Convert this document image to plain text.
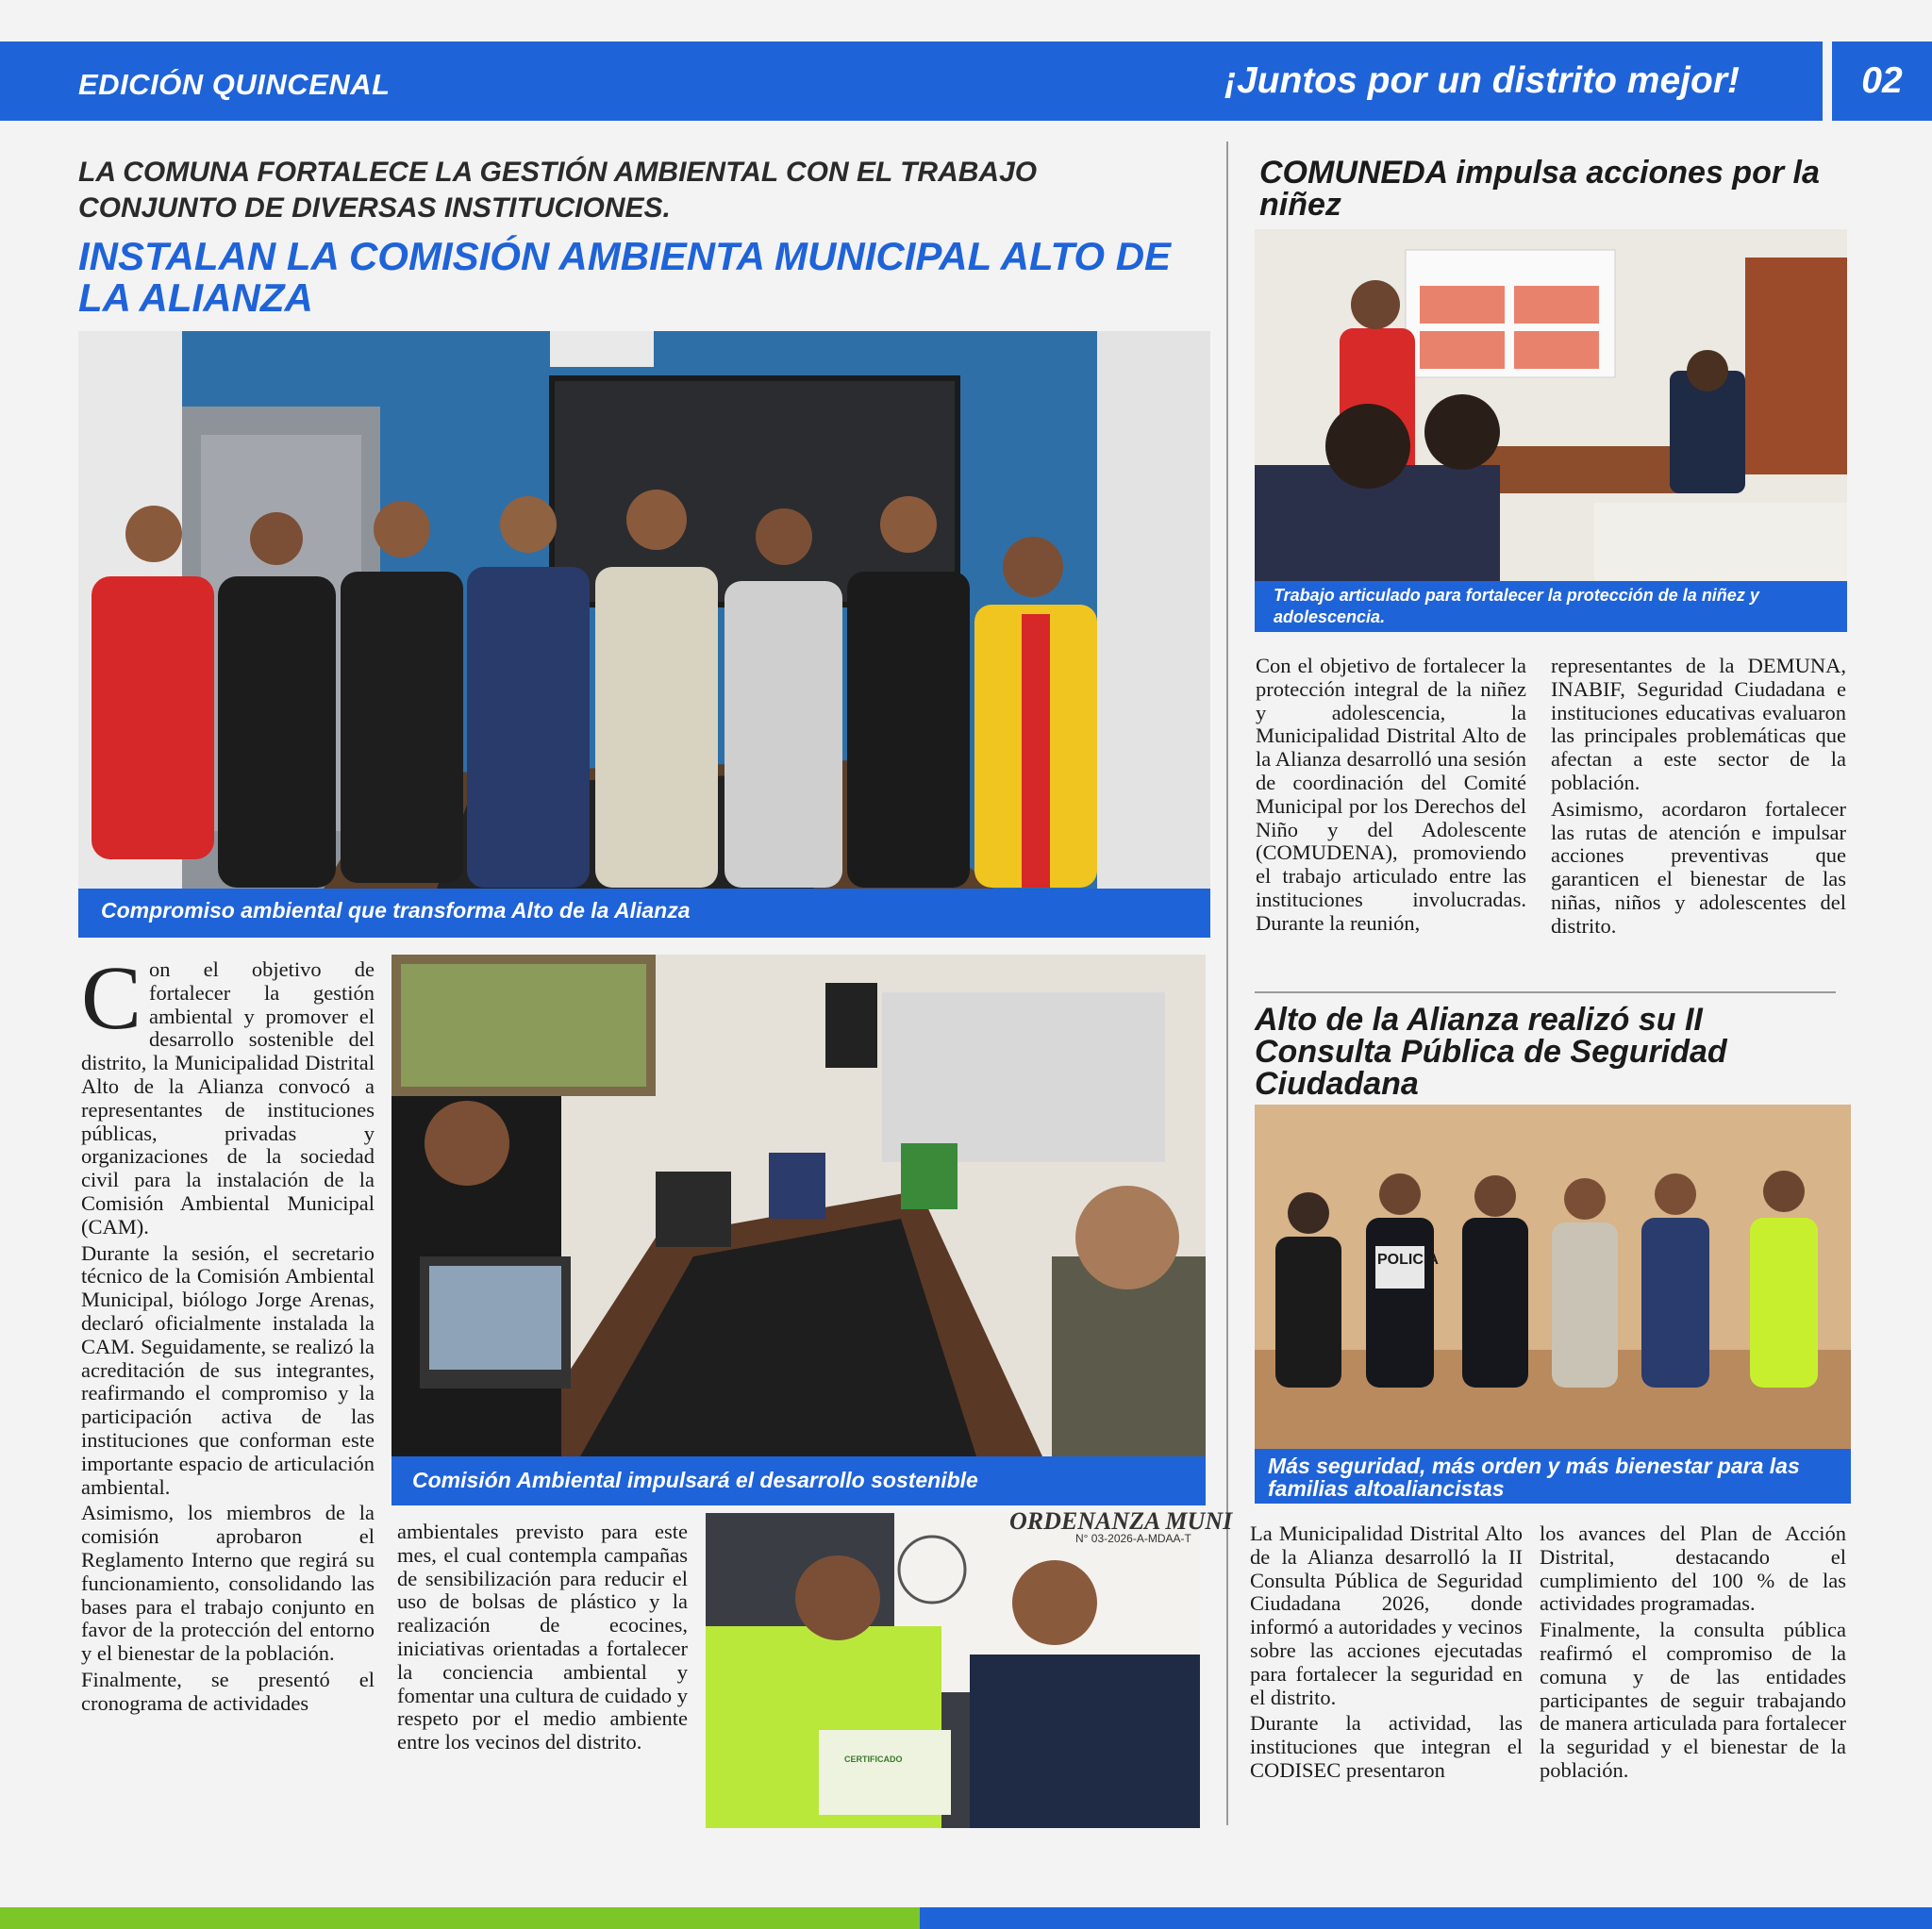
EDICIÓN QUINCENAL	¡Juntos por un distrito mejor!	02
LA COMUNA FORTALECE LA GESTIÓN AMBIENTAL CON EL TRABAJO CONJUNTO DE DIVERSAS INSTITUCIONES.
INSTALAN LA COMISIÓN AMBIENTA MUNICIPAL ALTO DE LA ALIANZA
Compromiso ambiental que transforma Alto de la Alianza
Comisión Ambiental impulsará el desarrollo sostenible
ORDENANZA MUNI
N° 03-2026-A-MDAA-T
CERTIFICADO

Con el objetivo de fortalecer la gestión ambiental y promover el desarrollo sostenible del distrito, la Municipalidad Distrital Alto de la Alianza convocó a representantes de instituciones públicas, privadas y organizaciones de la sociedad civil para la instalación de la Comisión Ambiental Municipal (CAM).

Durante la sesión, el secretario técnico de la Comisión Ambiental Municipal, biólogo Jorge Arenas, declaró oficialmente instalada la CAM. Seguidamente, se realizó la acreditación de sus integrantes, reafirmando el compromiso y la participación activa de las instituciones que conforman este importante espacio de articulación ambiental.

Asimismo, los miembros de la comisión aprobaron el Reglamento Interno que regirá su funcionamiento, consolidando las bases para el trabajo conjunto en favor de la protección del entorno y el bienestar de la población.

Finalmente, se presentó el cronograma de actividades

ambientales previsto para este mes, el cual contempla campañas de sensibilización para reducir el uso de bolsas de plástico y la realización de ecocines, iniciativas orientadas a fortalecer la conciencia ambiental y fomentar una cultura de cuidado y respeto por el medio ambiente entre los vecinos del distrito.

COMUNEDA impulsa acciones por la niñez
Trabajo articulado para fortalecer la protección de la niñez y adolescencia.

Con el objetivo de fortalecer la protección integral de la niñez y adolescencia, la Municipalidad Distrital Alto de la Alianza desarrolló una sesión de coordinación del Comité Municipal por los Derechos del Niño y del Adolescente (COMUDENA), promoviendo el trabajo articulado entre las instituciones involucradas. Durante la reunión,

representantes de la DEMUNA, INABIF, Seguridad Ciudadana e instituciones educativas evaluaron las principales problemáticas que afectan a este sector de la población.

Asimismo, acordaron fortalecer las rutas de atención e impulsar acciones preventivas que garanticen el bienestar de las niñas, niños y adolescentes del distrito.

Alto de la Alianza realizó su II Consulta Pública de Seguridad Ciudadana
POLICIA
Más seguridad, más orden y más bienestar para las familias altoaliancistas

La Municipalidad Distrital Alto de la Alianza desarrolló la II Consulta Pública de Seguridad Ciudadana 2026, donde informó a autoridades y vecinos sobre las acciones ejecutadas para fortalecer la seguridad en el distrito.

Durante la actividad, las instituciones que integran el CODISEC presentaron

los avances del Plan de Acción Distrital, destacando el cumplimiento del 100 % de las actividades programadas.

Finalmente, la consulta pública reafirmó el compromiso de la comuna y de las entidades participantes de seguir trabajando de manera articulada para fortalecer la seguridad y el bienestar de la población.
